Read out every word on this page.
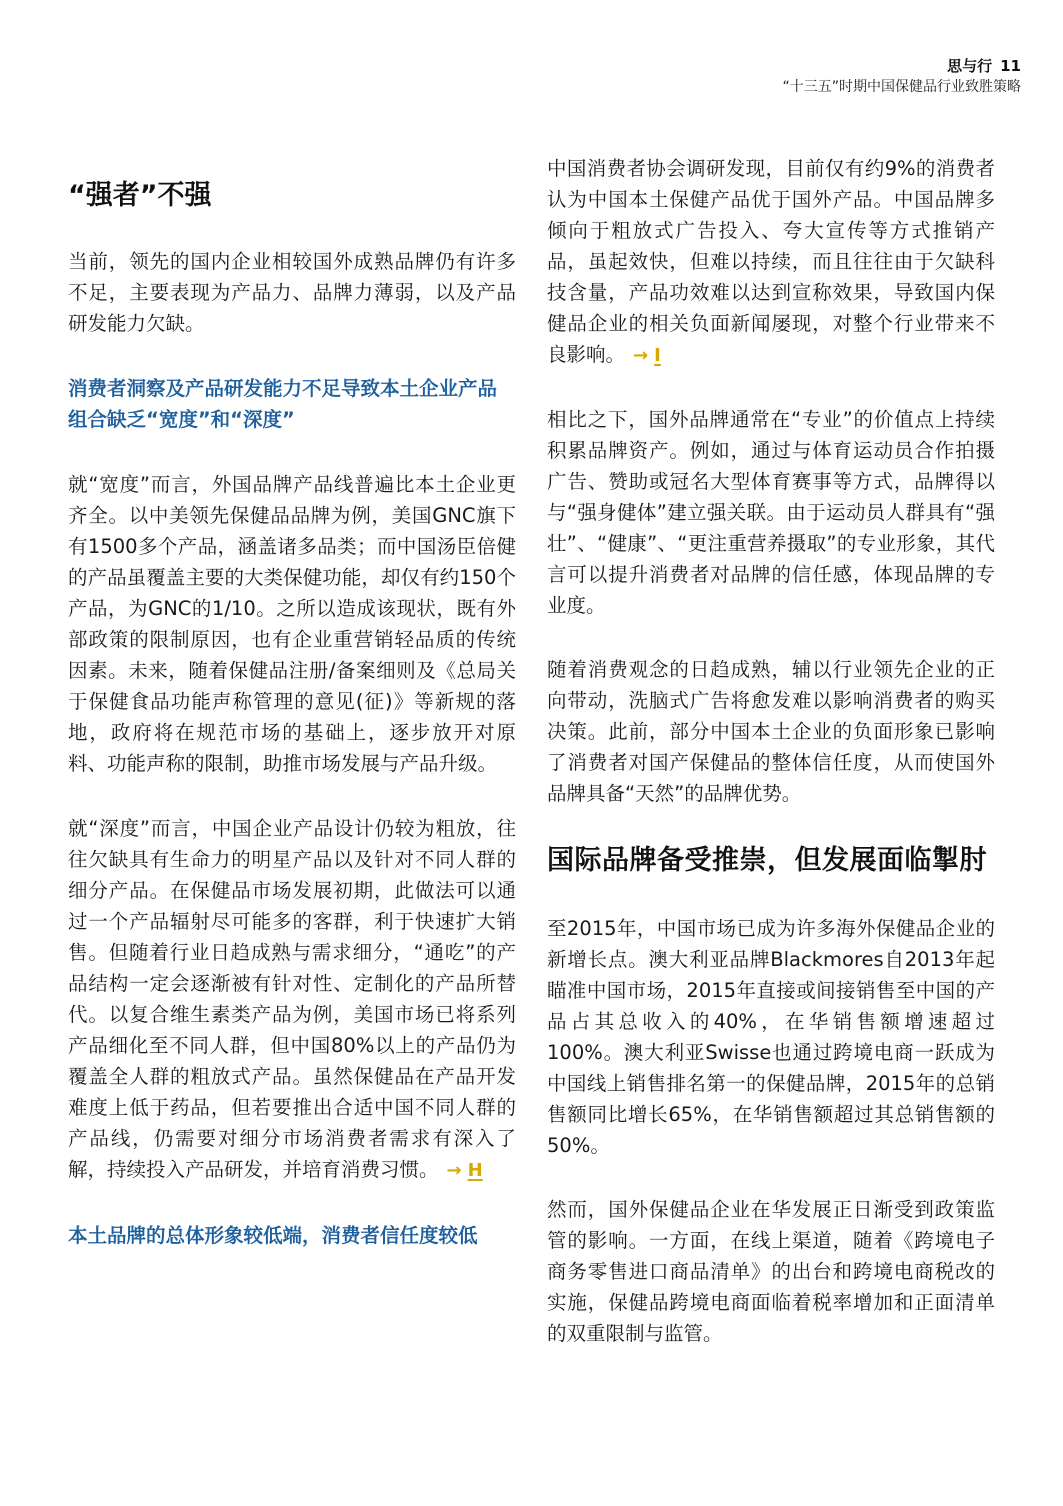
思与行 11
“十三五”时期中国保健品行业致胜策略
“强者”不强

当前，领先的国内企业相较国外成熟品牌仍有许多不足，主要表现为产品力、品牌力薄弱，以及产品研发能力欠缺。

消费者洞察及产品研发能力不足导致本土企业产品组合缺乏“宽度”和“深度”

就“宽度”而言，外国品牌产品线普遍比本土企业更齐全。以中美领先保健品品牌为例，美国GNC旗下有1500多个产品，涵盖诸多品类；而中国汤臣倍健的产品虽覆盖主要的大类保健功能，却仅有约150个产品，为GNC的1/10。之所以造成该现状，既有外部政策的限制原因，也有企业重营销轻品质的传统因素。未来，随着保健品注册/备案细则及《总局关于保健食品功能声称管理的意见(征)》等新规的落地，政府将在规范市场的基础上，逐步放开对原料、功能声称的限制，助推市场发展与产品升级。

就“深度”而言，中国企业产品设计仍较为粗放，往往欠缺具有生命力的明星产品以及针对不同人群的细分产品。在保健品市场发展初期，此做法可以通过一个产品辐射尽可能多的客群，利于快速扩大销售。但随着行业日趋成熟与需求细分，“通吃”的产品结构一定会逐渐被有针对性、定制化的产品所替代。以复合维生素类产品为例，美国市场已将系列产品细化至不同人群，但中国80%以上的产品仍为覆盖全人群的粗放式产品。虽然保健品在产品开发难度上低于药品，但若要推出合适中国不同人群的产品线，仍需要对细分市场消费者需求有深入了解，持续投入产品研发，并培育消费习惯。 → H

本土品牌的总体形象较低端，消费者信任度较低

中国消费者协会调研发现，目前仅有约9%的消费者认为中国本土保健产品优于国外产品。中国品牌多倾向于粗放式广告投入、夸大宣传等方式推销产品，虽起效快，但难以持续，而且往往由于欠缺科技含量，产品功效难以达到宣称效果，导致国内保健品企业的相关负面新闻屡现，对整个行业带来不良影响。 → I

相比之下，国外品牌通常在“专业”的价值点上持续积累品牌资产。例如，通过与体育运动员合作拍摄广告、赞助或冠名大型体育赛事等方式，品牌得以与“强身健体”建立强关联。由于运动员人群具有“强壮”、“健康”、“更注重营养摄取”的专业形象，其代言可以提升消费者对品牌的信任感，体现品牌的专业度。

随着消费观念的日趋成熟，辅以行业领先企业的正向带动，洗脑式广告将愈发难以影响消费者的购买决策。此前，部分中国本土企业的负面形象已影响了消费者对国产保健品的整体信任度，从而使国外品牌具备“天然”的品牌优势。

国际品牌备受推崇，但发展面临掣肘

至2015年，中国市场已成为许多海外保健品企业的新增长点。澳大利亚品牌Blackmores自2013年起瞄准中国市场，2015年直接或间接销售至中国的产品占其总收入的40%，在华销售额增速超过100%。澳大利亚Swisse也通过跨境电商一跃成为中国线上销售排名第一的保健品牌，2015年的总销售额同比增长65%，在华销售额超过其总销售额的50%。

然而，国外保健品企业在华发展正日渐受到政策监管的影响。一方面，在线上渠道，随着《跨境电子商务零售进口商品清单》的出台和跨境电商税改的实施，保健品跨境电商面临着税率增加和正面清单的双重限制与监管。
